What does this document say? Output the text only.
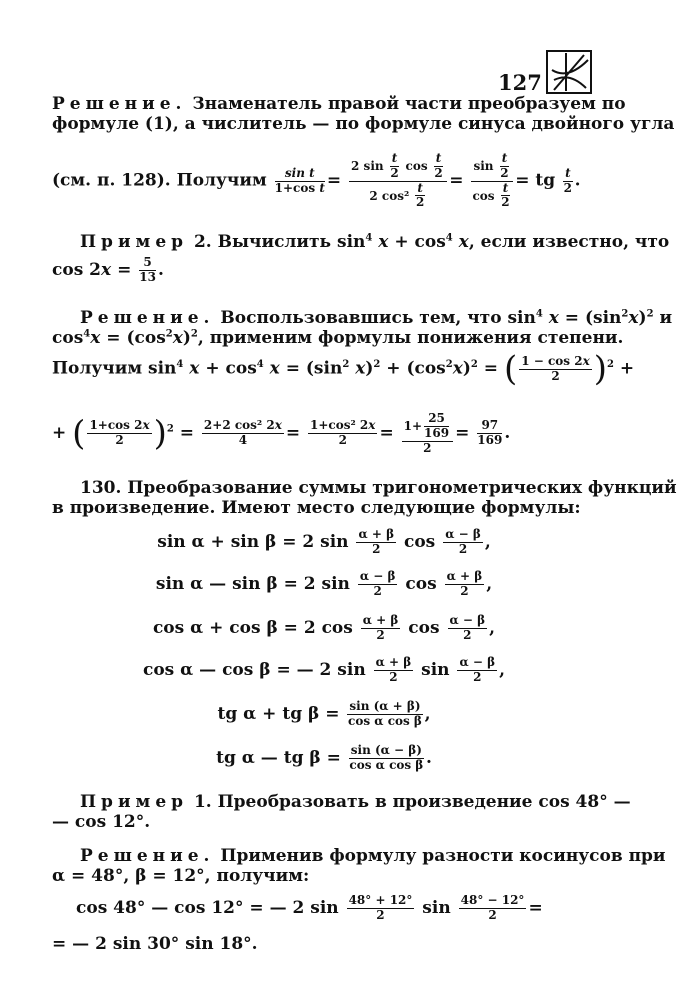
127
Решение. Знаменатель правой части преобразуем по
формуле (1), а числитель — по формуле синуса двойного угла
(см. п. 128). Получим $\frac{\text{sin t}}{\text{1+cos t}} = \frac{2 \sin \frac{t}{2} \cos \frac{t}{2}}{2 \cos^2 \frac{t}{2}} = \frac{\sin \frac{t}{2}}{\cos \frac{t}{2}}$ = tg $\frac{t}{2}$ .
Пример 2. Вычислить $\sin^4 x + \cos^4 x$, если известно, что
$\cos 2x = \frac{5}{13}$ .
Решение. Воспользовавшись тем, что $\sin^4 x = (\sin^2x)^2$ и
$\cos^4x = (\cos^2x)^2$, применим формулы понижения степени.
Получим $\sin^4 x + \cos^4 x = (\sin^2$ $x)^2 + (\cos^2x)^2$ = ( $\frac{1 - \cos 2x}{2} )^2$ +
+ ( $\frac{1+\cos 2x}{2} )^2 = \frac{\text{2+2 cos² 2x}}{4} = \frac{\text{1+cos² 2x}}{2} = \frac{1+ \frac{25}{169}}{2} = \frac{97}{169}$ .
130. Преобразование суммы тригонометрических функций
в произведение. Имеют место следующие формулы:
sin α + sin β = 2 $\sin \frac{\alpha + \beta}{2}$ $\cos \frac{\alpha - \beta}{2}$ ,
sin α — sin β = 2 $\sin \frac{\alpha - \beta}{2}$ $\cos \frac{\alpha + \beta}{2}$ ,
cos α + cos β = 2 $\cos \frac{\alpha + \beta}{2}$ $\cos \frac{\alpha - \beta}{2}$ ,
cos α — cos β = — 2 $\sin \frac{\alpha + \beta}{2}$ $\sin \frac{\alpha - \beta}{2}$ ,
tg α + tg $\beta = \frac{\sin (\alpha + \beta)}{\text{cos α cos β}}$ ,
tg α — tg $\beta = \frac{\sin (\alpha - \beta)}{\text{cos α cos β}}$ .
Пример 1. Преобразовать в произведение cos 48° —
— cos 12°.
Решение. Применив формулу разности косинусов при
α = 48°, β = 12°, получим:
cos 48° — cos 12° = — 2 $\sin \frac{48^\circ + 12^\circ}{2}$ $\sin \frac{48^\circ - 12^\circ}{2}$ =
= — 2 sin 30° sin 18°.
